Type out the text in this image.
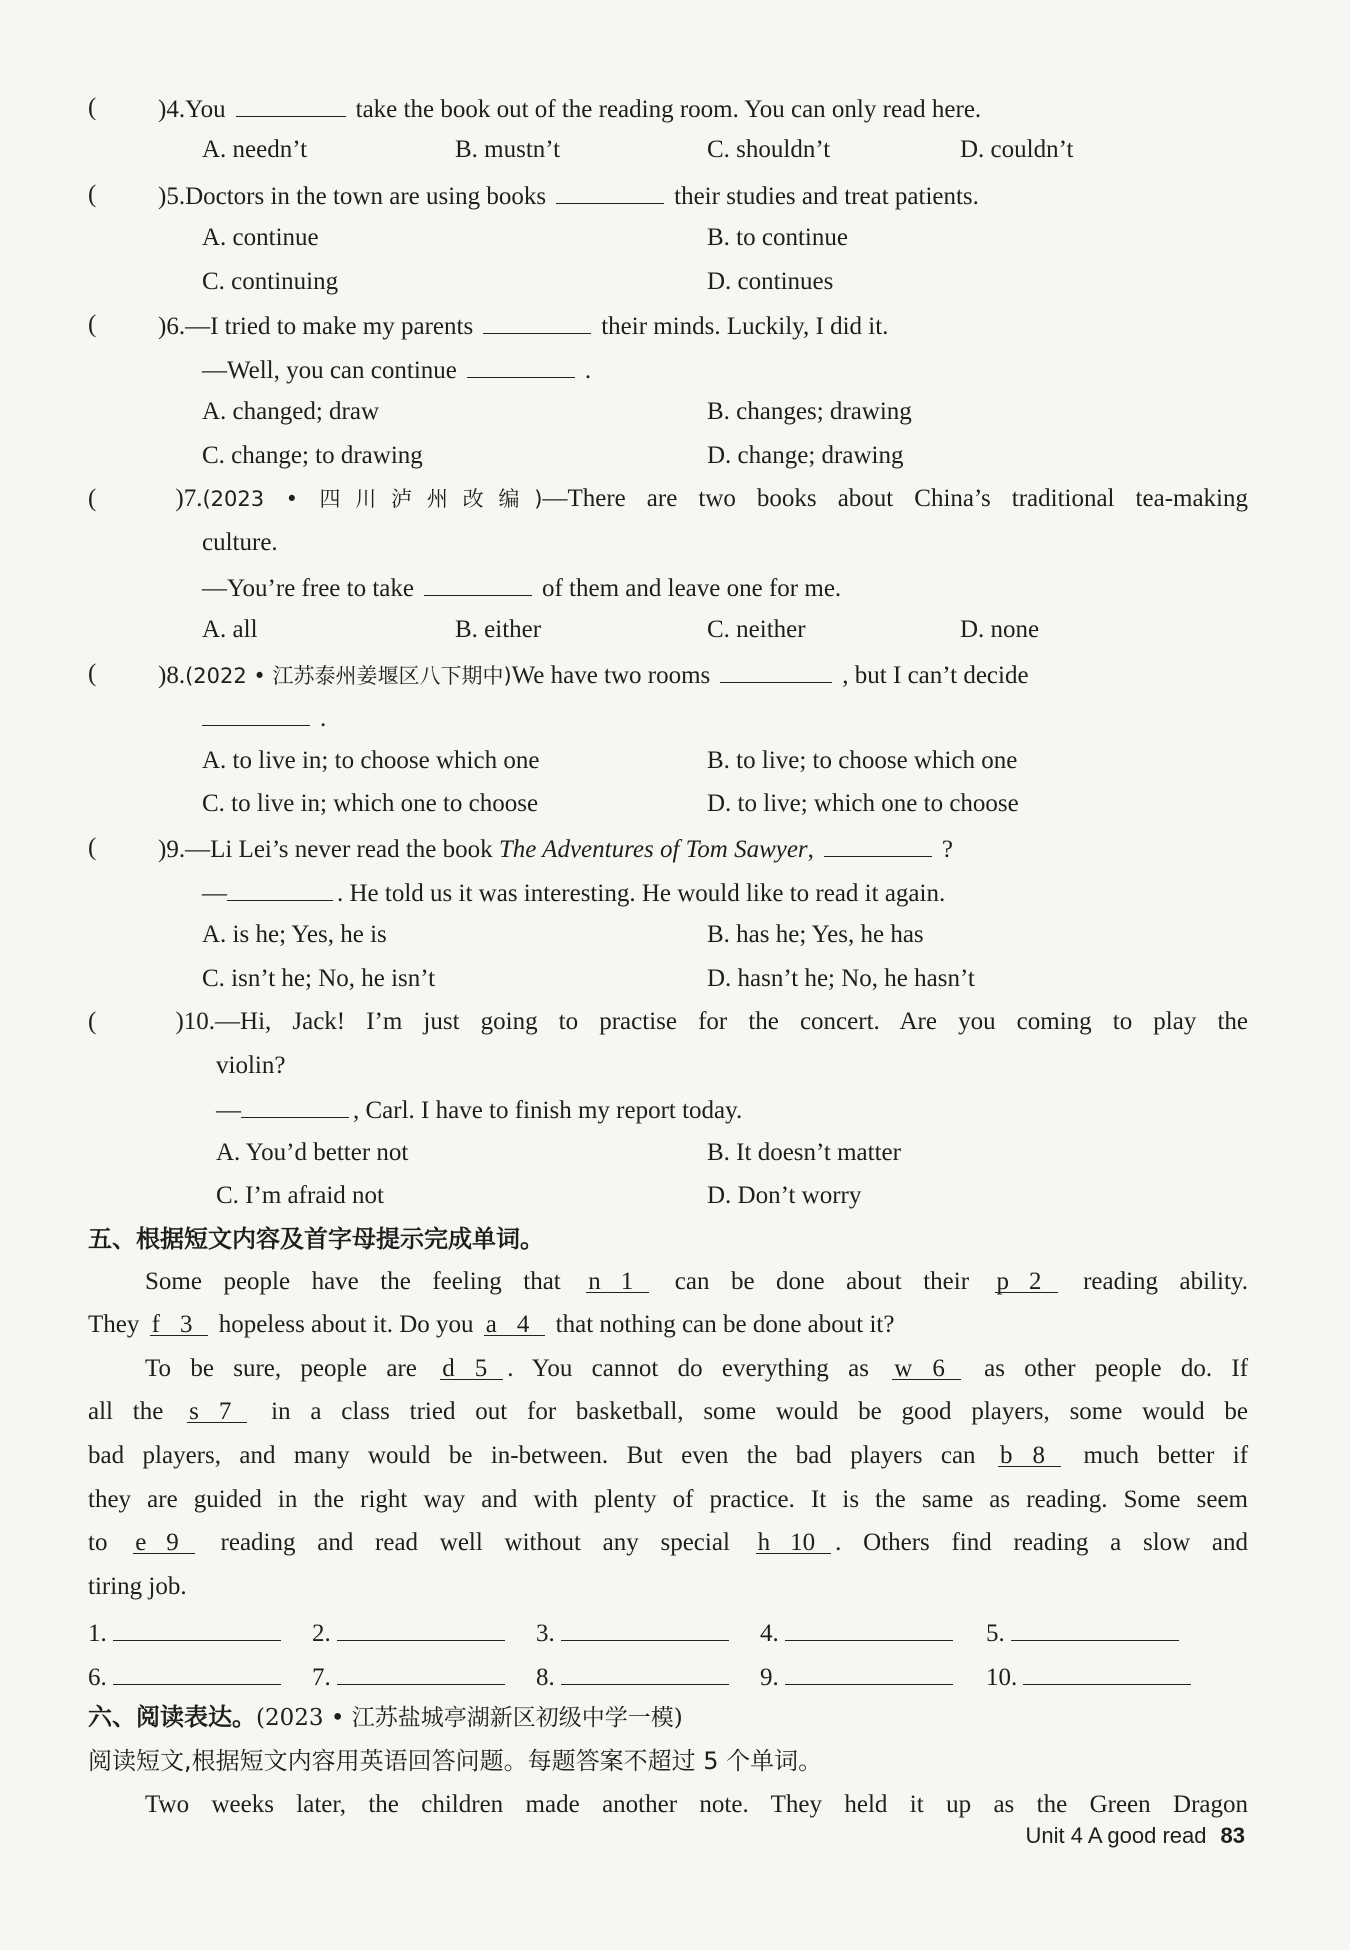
( )4.You	take the book out of the reading room. You can only read here.
A. needn’t	B. mustn’t	C. shouldn’t	D. couldn’t
( )5.Doctors in the town are using books	their studies and treat patients.
A. continue	B. to continue
C. continuing	D. continues
( )6.—I tried to make my parents	their minds. Luckily, I did it.
—Well, you can continue	.
A. changed; draw	B. changes; drawing
C. change; to drawing	D. change; drawing
(	)7.(2023 • 四川泸州改编)—There are two books about China’s traditional tea-making
culture.
—You’re free to take	of them and leave one for me.
A. all	B. either	C. neither	D. none
( )8.(2022 • 江苏泰州姜堰区八下期中)We have two rooms	, but I can’t decide
.
A. to live in; to choose which one	B. to live; to choose which one
C. to live in; which one to choose	D. to live; which one to choose
( )9.—Li Lei’s never read the book The Adventures of Tom Sawyer,	?
—	. He told us it was interesting. He would like to read it again.
A. is he; Yes, he is	B. has he; Yes, he has
C. isn’t he; No, he isn’t	D. hasn’t he; No, he hasn’t
(	)10.—Hi, Jack! I’m just going to practise for the concert. Are you coming to play the
violin?
—	, Carl. I have to finish my report today.
A. You’d better not	B. It doesn’t matter
C. I’m afraid not	D. Don’t worry
五、根据短文内容及首字母提示完成单词。
Some people have the feeling that n 1 can be done about their p 2 reading ability.
They f 3 hopeless about it. Do you a 4 that nothing can be done about it?
To be sure, people are d 5 . You cannot do everything as w 6 as other people do. If
all the s 7 in a class tried out for basketball, some would be good players, some would be
bad players, and many would be in-between. But even the bad players can b 8 much better if
they are guided in the right way and with plenty of practice. It is the same as reading. Some seem
to e 9 reading and read well without any special h 10 . Others find reading a slow and
tiring job.
1.	2.	3.	4.	5.
6.	7.	8.	9.	10.
六、阅读表达。(2023 • 江苏盐城亭湖新区初级中学一模)
阅读短文,根据短文内容用英语回答问题。每题答案不超过 5 个单词。
Two weeks later, the children made another note. They held it up as the Green Dragon
Unit 4 A good read 83
